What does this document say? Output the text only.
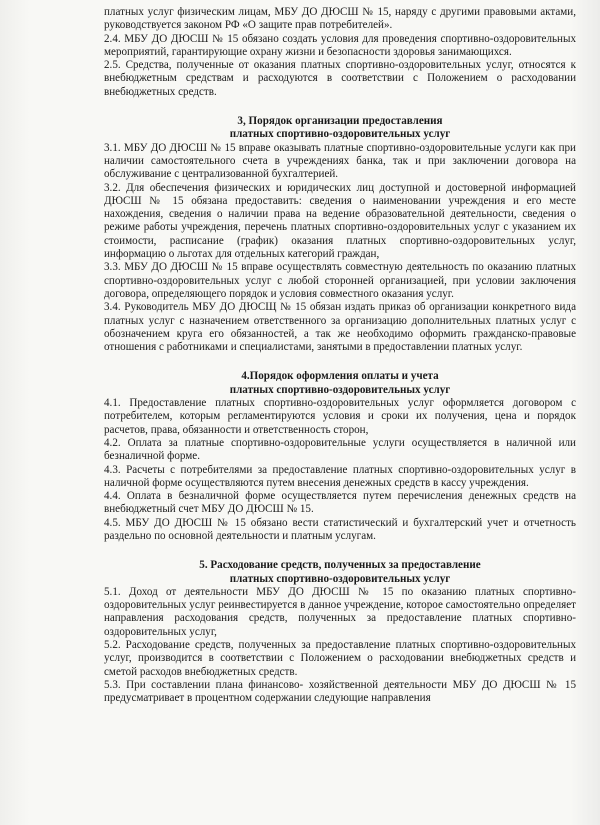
платных услуг физическим лицам, МБУ ДО ДЮСШ № 15, наряду с другими правовыми актами, руководствуется законом РФ «О защите прав потребителей».

2.4. МБУ ДО ДЮСШ № 15 обязано создать условия для проведения спортивно-оздоровительных мероприятий, гарантирующие охрану жизни и безопасности здоровья занимающихся.

2.5. Средства, полученные от оказания платных спортивно-оздоровительных услуг, относятся к внебюджетным средствам и расходуются в соответствии с Положением о расходовании внебюджетных средств.

3, Порядок организации предоставления

платных спортивно-оздоровительных услуг

3.1. МБУ ДО ДЮСШ № 15 вправе оказывать платные спортивно-оздоровительные услуги как при наличии самостоятельного счета в учреждениях банка, так и при заключении договора на обслуживание с централизованной бухгалтерией.

3.2. Для обеспечения физических и юридических лиц доступной и достоверной информацией ДЮСШ № 15 обязана предоставить: сведения о наименовании учреждения и его месте нахождения, сведения о наличии права на ведение образовательной деятельности, сведения о режиме работы учреждения, перечень платных спортивно-оздоровительных услуг с указанием их стоимости, расписание (график) оказания платных спортивно-оздоровительных услуг, информацию о льготах для отдельных категорий граждан,

3.3. МБУ ДО ДЮСШ № 15 вправе осуществлять совместную деятельность по оказанию платных спортивно-оздоровительных услуг с любой сторонней организацией, при условии заключения договора, определяющего порядок и условия совместного оказания услуг.

3.4. Руководитель МБУ ДО ДЮСЩ № 15 обязан издать приказ об организации конкретного вида платных услуг с назначением ответственного за организацию дополнительных платных услуг с обозначением круга его обязанностей, а так же необходимо оформить гражданско-правовые отношения с работниками и специалистами, занятыми в предоставлении платных услуг.

4.Порядок оформления оплаты и учета

платных спортивно-оздоровительных услуг

4.1. Предоставление платных спортивно-оздоровительных услуг оформляется договором с потребителем, которым регламентируются условия и сроки их получения, цена и порядок расчетов, права, обязанности и ответственность сторон,

4.2. Оплата за платные спортивно-оздоровительные услуги осуществляется в наличной или безналичной форме.

4.3. Расчеты с потребителями за предоставление платных спортивно-оздоровительных услуг в наличной форме осуществляются путем внесения денежных средств в кассу учреждения.

4.4. Оплата в безналичной форме осуществляется путем перечисления денежных средств на внебюджетный счет МБУ ДО ДЮСШ № 15.

4.5. МБУ ДО ДЮСШ № 15 обязано вести статистический и бухгалтерский учет и отчетность раздельно по основной деятельности и платным услугам.

5. Расходование средств, полученных за предоставление

платных спортивно-оздоровительных услуг

5.1. Доход от деятельности МБУ ДО ДЮСШ № 15 по оказанию платных спортивно-оздоровительных услуг реинвестируется в данное учреждение, которое самостоятельно определяет направления расходования средств, полученных за предоставление платных спортивно-оздоровительных услуг,

5.2. Расходование средств, полученных за предоставление платных спортивно-оздоровительных услуг, производится в соответствии с Положением о расходовании внебюджетных средств и сметой расходов внебюджетных средств.

5.3. При составлении плана финансово- хозяйственной деятельности МБУ ДО ДЮСШ № 15 предусматривает в процентном содержании следующие направления
